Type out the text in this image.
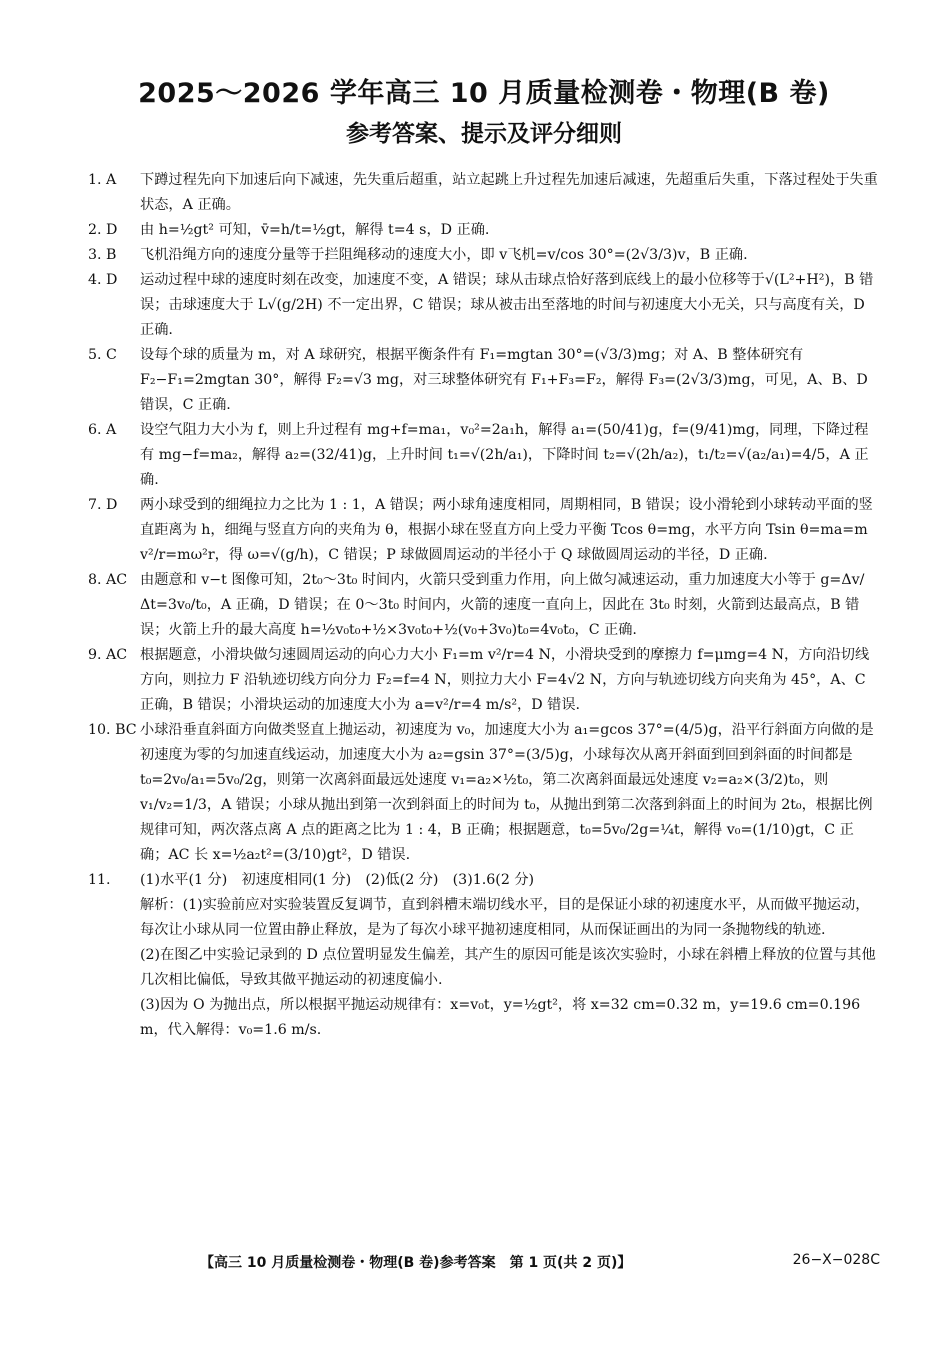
2025～2026 学年高三 10 月质量检测卷・物理(B 卷)
参考答案、提示及评分细则
1. A 下蹲过程先向下加速后向下减速，先失重后超重，站立起跳上升过程先加速后减速，先超重后失重，下落过程处于失重状态，A 正确。

2. D 由 h=½gt² 可知，v̄=h/t=½gt，解得 t=4 s，D 正确.

3. B 飞机沿绳方向的速度分量等于拦阻绳移动的速度大小，即 v飞机=v/cos 30°=(2√3/3)v，B 正确.

4. D 运动过程中球的速度时刻在改变，加速度不变，A 错误；球从击球点恰好落到底线上的最小位移等于√(L²+H²)，B 错误；击球速度大于 L√(g/2H) 不一定出界，C 错误；球从被击出至落地的时间与初速度大小无关，只与高度有关，D 正确.

5. C 设每个球的质量为 m，对 A 球研究，根据平衡条件有 F₁=mgtan 30°=(√3/3)mg；对 A、B 整体研究有 F₂−F₁=2mgtan 30°，解得 F₂=√3 mg，对三球整体研究有 F₁+F₃=F₂，解得 F₃=(2√3/3)mg，可见，A、B、D 错误，C 正确.

6. A 设空气阻力大小为 f，则上升过程有 mg+f=ma₁，v₀²=2a₁h，解得 a₁=(50/41)g，f=(9/41)mg，同理，下降过程有 mg−f=ma₂，解得 a₂=(32/41)g，上升时间 t₁=√(2h/a₁)，下降时间 t₂=√(2h/a₂)，t₁/t₂=√(a₂/a₁)=4/5，A 正确.

7. D 两小球受到的细绳拉力之比为 1 : 1，A 错误；两小球角速度相同，周期相同，B 错误；设小滑轮到小球转动平面的竖直距离为 h，细绳与竖直方向的夹角为 θ，根据小球在竖直方向上受力平衡 Tcos θ=mg，水平方向 Tsin θ=ma=m v²/r=mω²r，得 ω=√(g/h)，C 错误；P 球做圆周运动的半径小于 Q 球做圆周运动的半径，D 正确.

8. AC 由题意和 v−t 图像可知，2t₀～3t₀ 时间内，火箭只受到重力作用，向上做匀减速运动，重力加速度大小等于 g=Δv/Δt=3v₀/t₀，A 正确，D 错误；在 0～3t₀ 时间内，火箭的速度一直向上，因此在 3t₀ 时刻，火箭到达最高点，B 错误；火箭上升的最大高度 h=½v₀t₀+½×3v₀t₀+½(v₀+3v₀)t₀=4v₀t₀，C 正确.

9. AC 根据题意，小滑块做匀速圆周运动的向心力大小 F₁=m v²/r=4 N，小滑块受到的摩擦力 f=μmg=4 N，方向沿切线方向，则拉力 F 沿轨迹切线方向分力 F₂=f=4 N，则拉力大小 F=4√2 N，方向与轨迹切线方向夹角为 45°，A、C 正确，B 错误；小滑块运动的加速度大小为 a=v²/r=4 m/s²，D 错误.

10. BC 小球沿垂直斜面方向做类竖直上抛运动，初速度为 v₀，加速度大小为 a₁=gcos 37°=(4/5)g，沿平行斜面方向做的是初速度为零的匀加速直线运动，加速度大小为 a₂=gsin 37°=(3/5)g，小球每次从离开斜面到回到斜面的时间都是 t₀=2v₀/a₁=5v₀/2g，则第一次离斜面最远处速度 v₁=a₂×½t₀，第二次离斜面最远处速度 v₂=a₂×(3/2)t₀，则 v₁/v₂=1/3，A 错误；小球从抛出到第一次到斜面上的时间为 t₀，从抛出到第二次落到斜面上的时间为 2t₀，根据比例规律可知，两次落点离 A 点的距离之比为 1 : 4，B 正确；根据题意，t₀=5v₀/2g=¼t，解得 v₀=(1/10)gt，C 正确；AC 长 x=½a₂t²=(3/10)gt²，D 错误.

11. (1)水平(1 分)　初速度相同(1 分)　(2)低(2 分)　(3)1.6(2 分)

解析：(1)实验前应对实验装置反复调节，直到斜槽末端切线水平，目的是保证小球的初速度水平，从而做平抛运动，每次让小球从同一位置由静止释放，是为了每次小球平抛初速度相同，从而保证画出的为同一条抛物线的轨迹.

(2)在图乙中实验记录到的 D 点位置明显发生偏差，其产生的原因可能是该次实验时，小球在斜槽上释放的位置与其他几次相比偏低，导致其做平抛运动的初速度偏小.

(3)因为 O 为抛出点，所以根据平抛运动规律有：x=v₀t，y=½gt²，将 x=32 cm=0.32 m，y=19.6 cm=0.196 m，代入解得：v₀=1.6 m/s.

【高三 10 月质量检测卷・物理(B 卷)参考答案　第 1 页(共 2 页)】	26−X−028C
